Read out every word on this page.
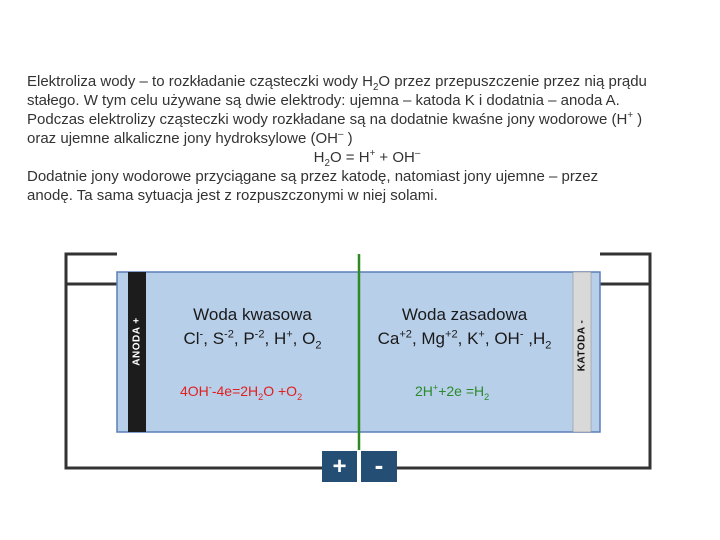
Elektroliza wody – to rozkładanie cząsteczki wody $H_2O$ przez przepuszczenie przez nią prądu

stałego. W tym celu używane są dwie elektrody: ujemna – katoda K i dodatnia – anoda A.

Podczas elektrolizy cząsteczki wody rozkładane są na dodatnie kwaśne jony wodorowe (H+ )

oraz ujemne alkaliczne jony hydroksylowe (OH– )

$H_2O = H^+ + OH^-$

Dodatnie jony wodorowe przyciągane są przez katodę, natomiast jony ujemne – przez

anodę. Ta sama sytuacja jest z rozpuszczonymi w niej solami.

ANODA +	KATODA -
Woda kwasowa
Cl-, $S^{-2}$, $P^{-2}$, H+, $O_2$
$4OH^--4e=2H_2O +O_2$
Woda zasadowa
$Ca^{+2}$, $Mg^{+2}$, K+, OH- $,H_2$
$2H^++2e =H_2$
+	-
